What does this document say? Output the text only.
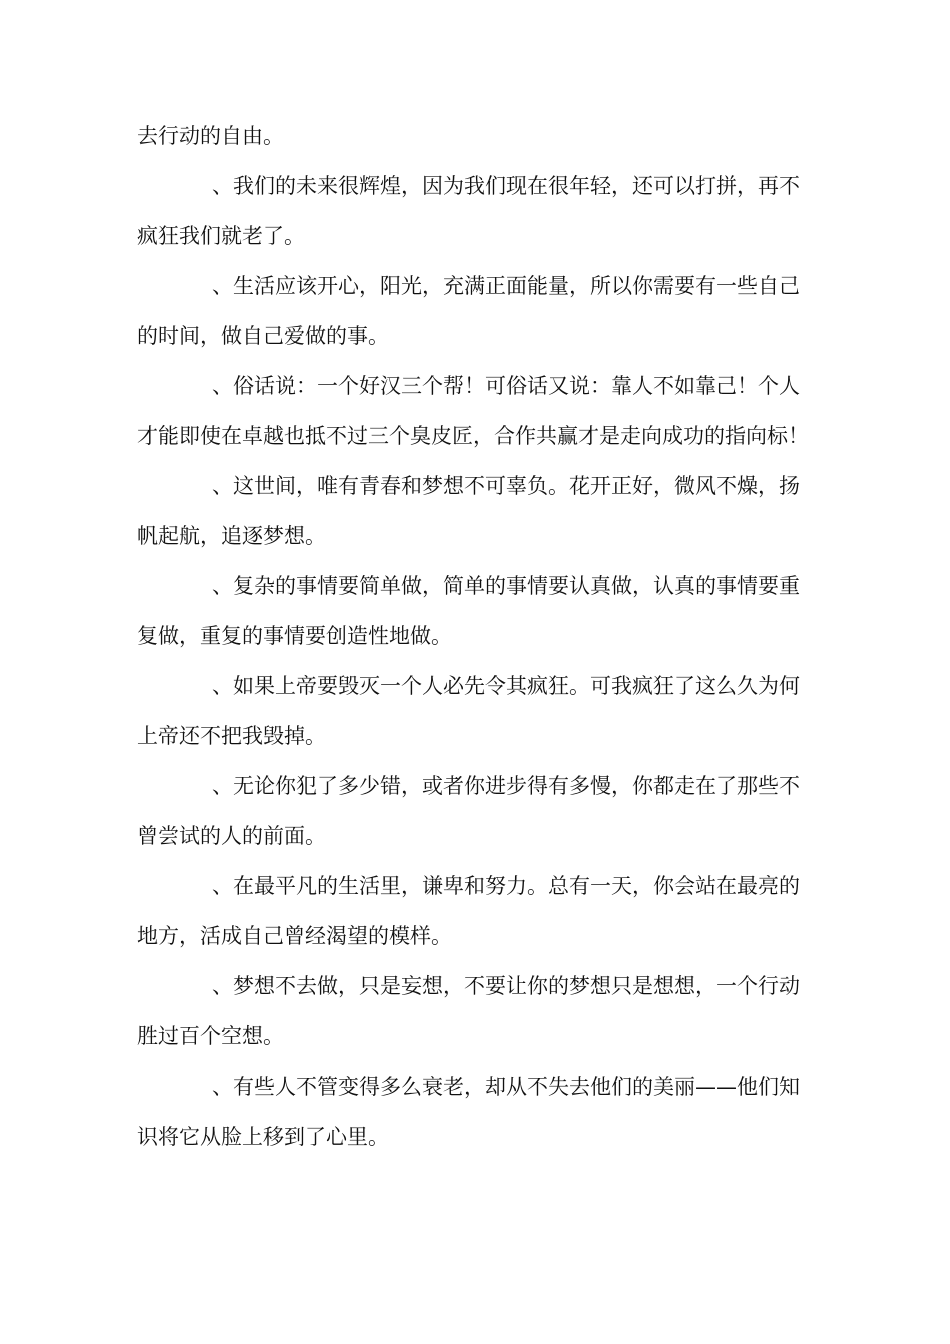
去行动的自由。
、我们的未来很辉煌，因为我们现在很年轻，还可以打拼，再不
疯狂我们就老了。
、生活应该开心，阳光，充满正面能量，所以你需要有一些自己
的时间，做自己爱做的事。
、俗话说：一个好汉三个帮！可俗话又说：靠人不如靠己！个人
才能即使在卓越也抵不过三个臭皮匠，合作共赢才是走向成功的指向标！
、这世间，唯有青春和梦想不可辜负。花开正好，微风不燥，扬
帆起航，追逐梦想。
、复杂的事情要简单做，简单的事情要认真做，认真的事情要重
复做，重复的事情要创造性地做。
、如果上帝要毁灭一个人必先令其疯狂。可我疯狂了这么久为何
上帝还不把我毁掉。
、无论你犯了多少错，或者你进步得有多慢，你都走在了那些不
曾尝试的人的前面。
、在最平凡的生活里，谦卑和努力。总有一天，你会站在最亮的
地方，活成自己曾经渴望的模样。
、梦想不去做，只是妄想，不要让你的梦想只是想想，一个行动
胜过百个空想。
、有些人不管变得多么衰老，却从不失去他们的美丽——他们知
识将它从脸上移到了心里。
